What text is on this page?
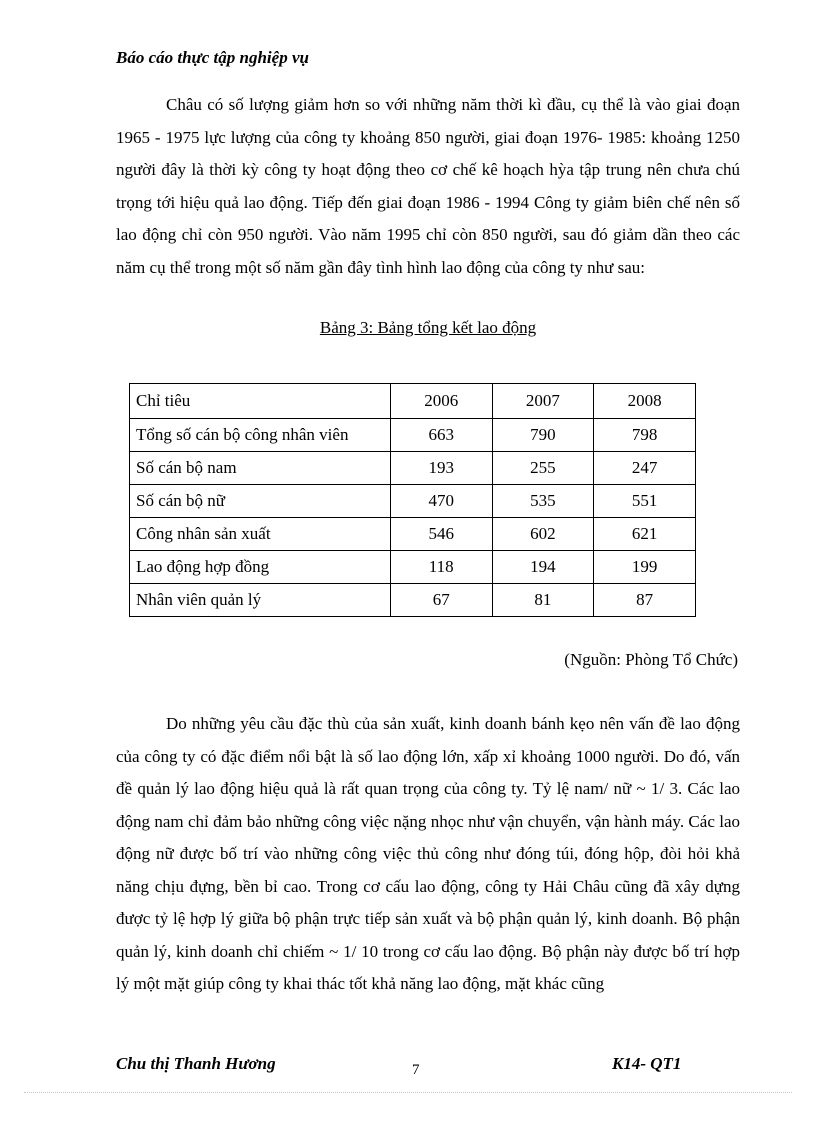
Báo cáo thực tập nghiệp vụ

Châu có số lượng giảm hơn so với những năm thời kì đầu, cụ thể là vào giai đoạn 1965 - 1975 lực lượng của công ty khoảng 850 người, giai đoạn 1976- 1985: khoảng 1250 người đây là thời kỳ công ty hoạt động theo cơ chế kê hoạch hỳa tập trung nên chưa chú trọng tới hiệu quả lao động. Tiếp đến giai đoạn 1986 - 1994 Công ty giảm biên chế nên số lao động chỉ còn 950 người. Vào năm 1995 chỉ còn 850 người, sau đó giảm dần theo các năm cụ thể trong một số năm gần đây tình hình lao động của công ty như sau:

Bảng 3: Bảng tổng kết lao động
Chỉ tiêu	2006	2007	2008
Tổng số cán bộ công nhân viên	663	790	798
Số cán bộ nam	193	255	247
Số cán bộ nữ	470	535	551
Công nhân sản xuất	546	602	621
Lao động hợp đồng	118	194	199
Nhân viên quản lý	67	81	87
(Nguồn: Phòng Tổ Chức)

Do những yêu cầu đặc thù của sản xuất, kinh doanh bánh kẹo nên vấn đề lao động của công ty có đặc điểm nổi bật là số lao động lớn, xấp xỉ khoảng 1000 người. Do đó, vấn đề quản lý lao động hiệu quả là rất quan trọng của công ty. Tỷ lệ nam/ nữ ~ 1/ 3. Các lao động nam chỉ đảm bảo những công việc nặng nhọc như vận chuyển, vận hành máy. Các lao động nữ được bố trí vào những công việc thủ công như đóng túi, đóng hộp, đòi hỏi khả năng chịu đựng, bền bỉ cao. Trong cơ cấu lao động, công ty Hải Châu cũng đã xây dựng được tỷ lệ hợp lý giữa bộ phận trực tiếp sản xuất và bộ phận quản lý, kinh doanh. Bộ phận quản lý, kinh doanh chỉ chiếm ~ 1/ 10 trong cơ cấu lao động. Bộ phận này được bố trí hợp lý một mặt giúp công ty khai thác tốt khả năng lao động, mặt khác cũng

Chu thị Thanh Hương	7	K14- QT1
